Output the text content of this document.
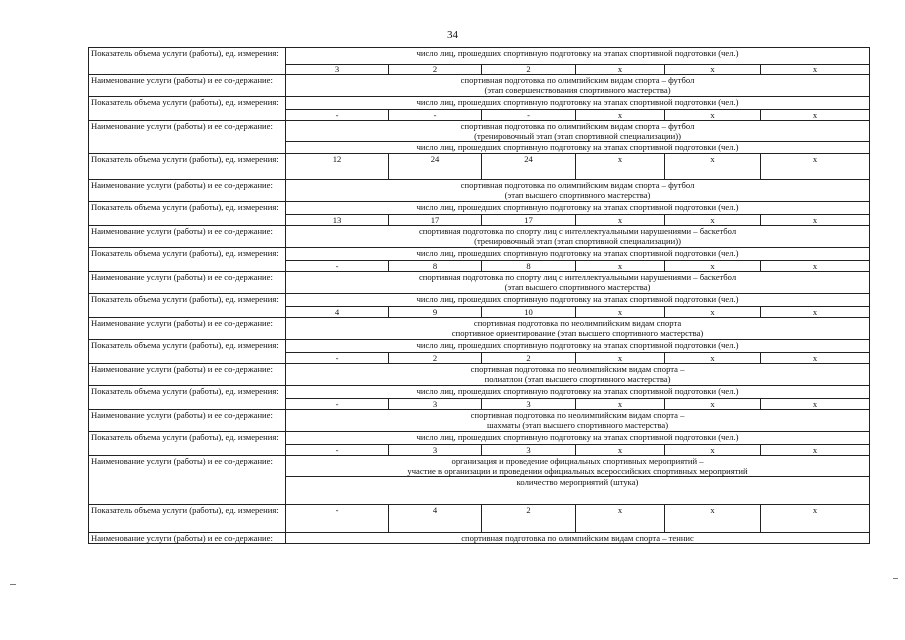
34
Показатель объема услуги (работы), ед. измерения:	число лиц, прошедших спортивную подготовку на этапах спортивной подготовки (чел.)					
	3	2	2	x	x	x
Наименование услуги (работы) и ее со-держание:	спортивная подготовка по олимпийским видам спорта – футбол
(этап совершенствования спортивного мастерства)					

Показатель объема услуги (работы), ед. измерения:	число лиц, прошедших спортивную подготовку на этапах спортивной подготовки (чел.)					
	-	-	-	x	x	x
Наименование услуги (работы) и ее со-держание:	спортивная подготовка по олимпийским видам спорта – футбол
(тренировочный этап (этап спортивной специализации))
число лиц, прошедших спортивную подготовку на этапах спортивной подготовки (чел.)					

Показатель объема услуги (работы), ед. измерения:	12	24	24	x	x	x
Наименование услуги (работы) и ее со-держание:	спортивная подготовка по олимпийским видам спорта – футбол
(этап высшего спортивного мастерства)					

Показатель объема услуги (работы), ед. измерения:	число лиц, прошедших спортивную подготовку на этапах спортивной подготовки (чел.)					
	13	17	17	x	x	x
Наименование услуги (работы) и ее со-держание:	спортивная подготовка по спорту лиц с интеллектуальными нарушениями – баскетбол
(тренировочный этап (этап спортивной специализации))					

Показатель объема услуги (работы), ед. измерения:	число лиц, прошедших спортивную подготовку на этапах спортивной подготовки (чел.)					
	-	8	8	x	x	x
Наименование услуги (работы) и ее со-держание:	спортивная подготовка по спорту лиц с интеллектуальными нарушениями – баскетбол
(этап высшего спортивного мастерства)					

Показатель объема услуги (работы), ед. измерения:	число лиц, прошедших спортивную подготовку на этапах спортивной подготовки (чел.)					
	4	9	10	x	x	x
Наименование услуги (работы) и ее со-держание:	спортивная подготовка по неолимпийским видам спорта
спортивное ориентирование (этап высшего спортивного мастерства)					

Показатель объема услуги (работы), ед. измерения:	число лиц, прошедших спортивную подготовку на этапах спортивной подготовки (чел.)					
	-	2	2	x	x	x
Наименование услуги (работы) и ее со-держание:	спортивная подготовка по неолимпийским видам спорта –
полиатлон (этап высшего спортивного мастерства)					

Показатель объема услуги (работы), ед. измерения:	число лиц, прошедших спортивную подготовку на этапах спортивной подготовки (чел.)					
	-	3	3	x	x	x
Наименование услуги (работы) и ее со-держание:	спортивная подготовка по неолимпийским видам спорта –
шахматы (этап высшего спортивного мастерства)					

Показатель объема услуги (работы), ед. измерения:	число лиц, прошедших спортивную подготовку на этапах спортивной подготовки (чел.)					
	-	3	3	x	x	x
Наименование услуги (работы) и ее со-держание:	организация и проведение официальных спортивных мероприятий –
участие в организации и проведении официальных всероссийских спортивных мероприятий
количество мероприятий (штука)					

Показатель объема услуги (работы), ед. измерения:	-	4	2	x	x	x
Наименование услуги (работы) и ее со-держание:	спортивная подготовка по олимпийским видам спорта – теннис					
